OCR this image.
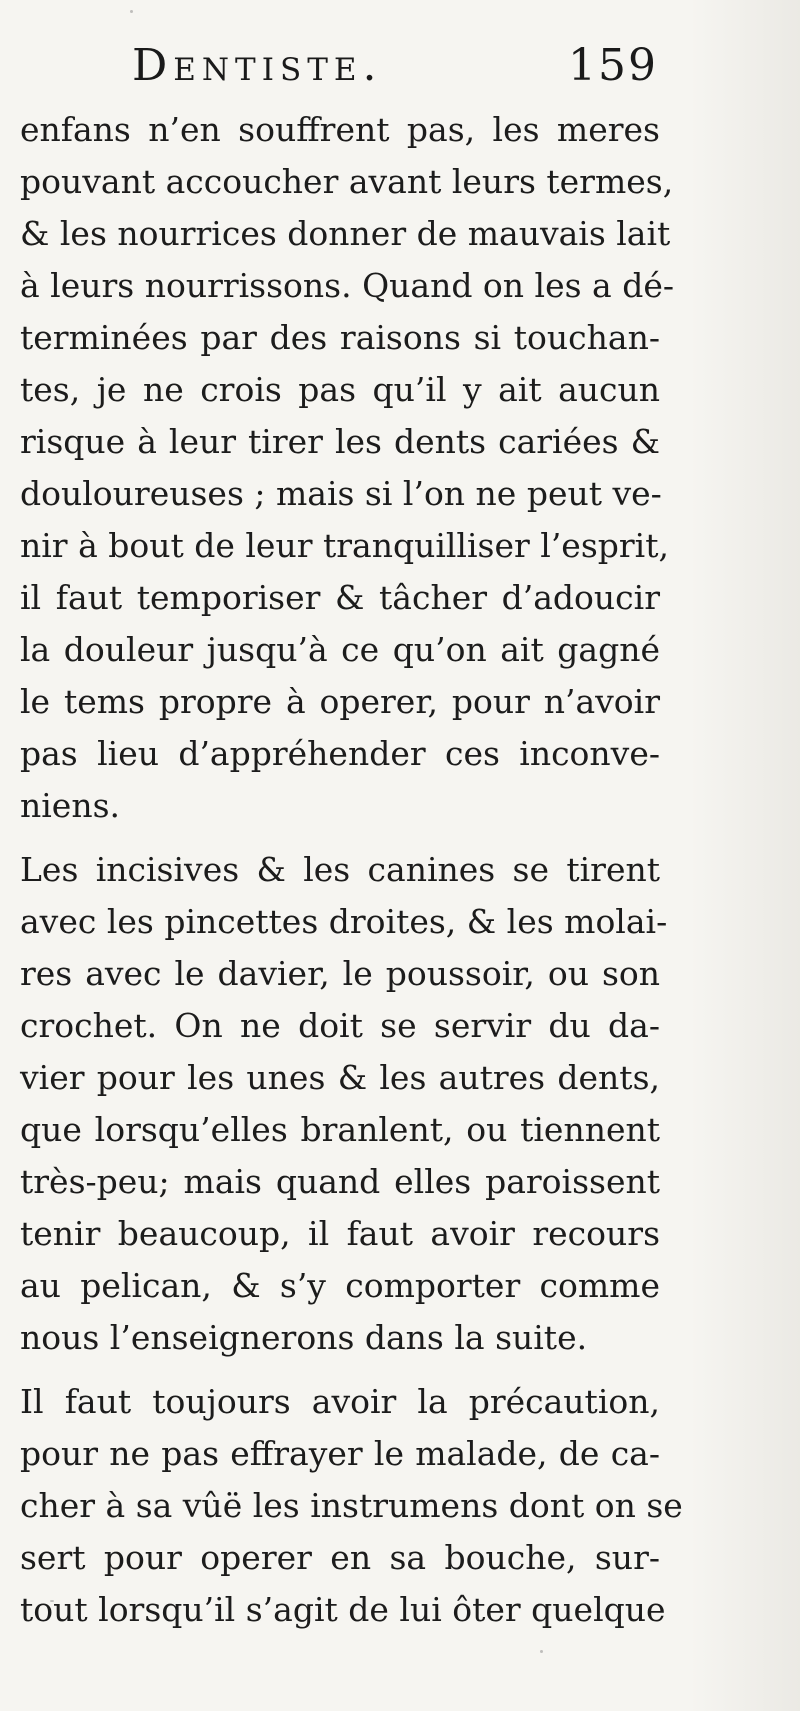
Dentiste.	159
enfans n’en souffrent pas, les meres
pouvant accoucher avant leurs termes,
& les nourrices donner de mauvais lait
à leurs nourrissons. Quand on les a dé-
terminées par des raisons si touchan-
tes, je ne crois pas qu’il y ait aucun
risque à leur tirer les dents cariées &
douloureuses ; mais si l’on ne peut ve-
nir à bout de leur tranquilliser l’esprit,
il faut temporiser & tâcher d’adoucir
la douleur jusqu’à ce qu’on ait gagné
le tems propre à operer, pour n’avoir
pas lieu d’appréhender ces inconve-
niens.
Les incisives & les canines se tirent
avec les pincettes droites, & les molai-
res avec le davier, le poussoir, ou son
crochet. On ne doit se servir du da-
vier pour les unes & les autres dents,
que lorsqu’elles branlent, ou tiennent
très-peu; mais quand elles paroissent
tenir beaucoup, il faut avoir recours
au pelican, & s’y comporter comme
nous l’enseignerons dans la suite.
Il faut toujours avoir la précaution,
pour ne pas effrayer le malade, de ca-
cher à sa vûë les instrumens dont on se
sert pour operer en sa bouche, sur-
tout lorsqu’il s’agit de lui ôter quelque
